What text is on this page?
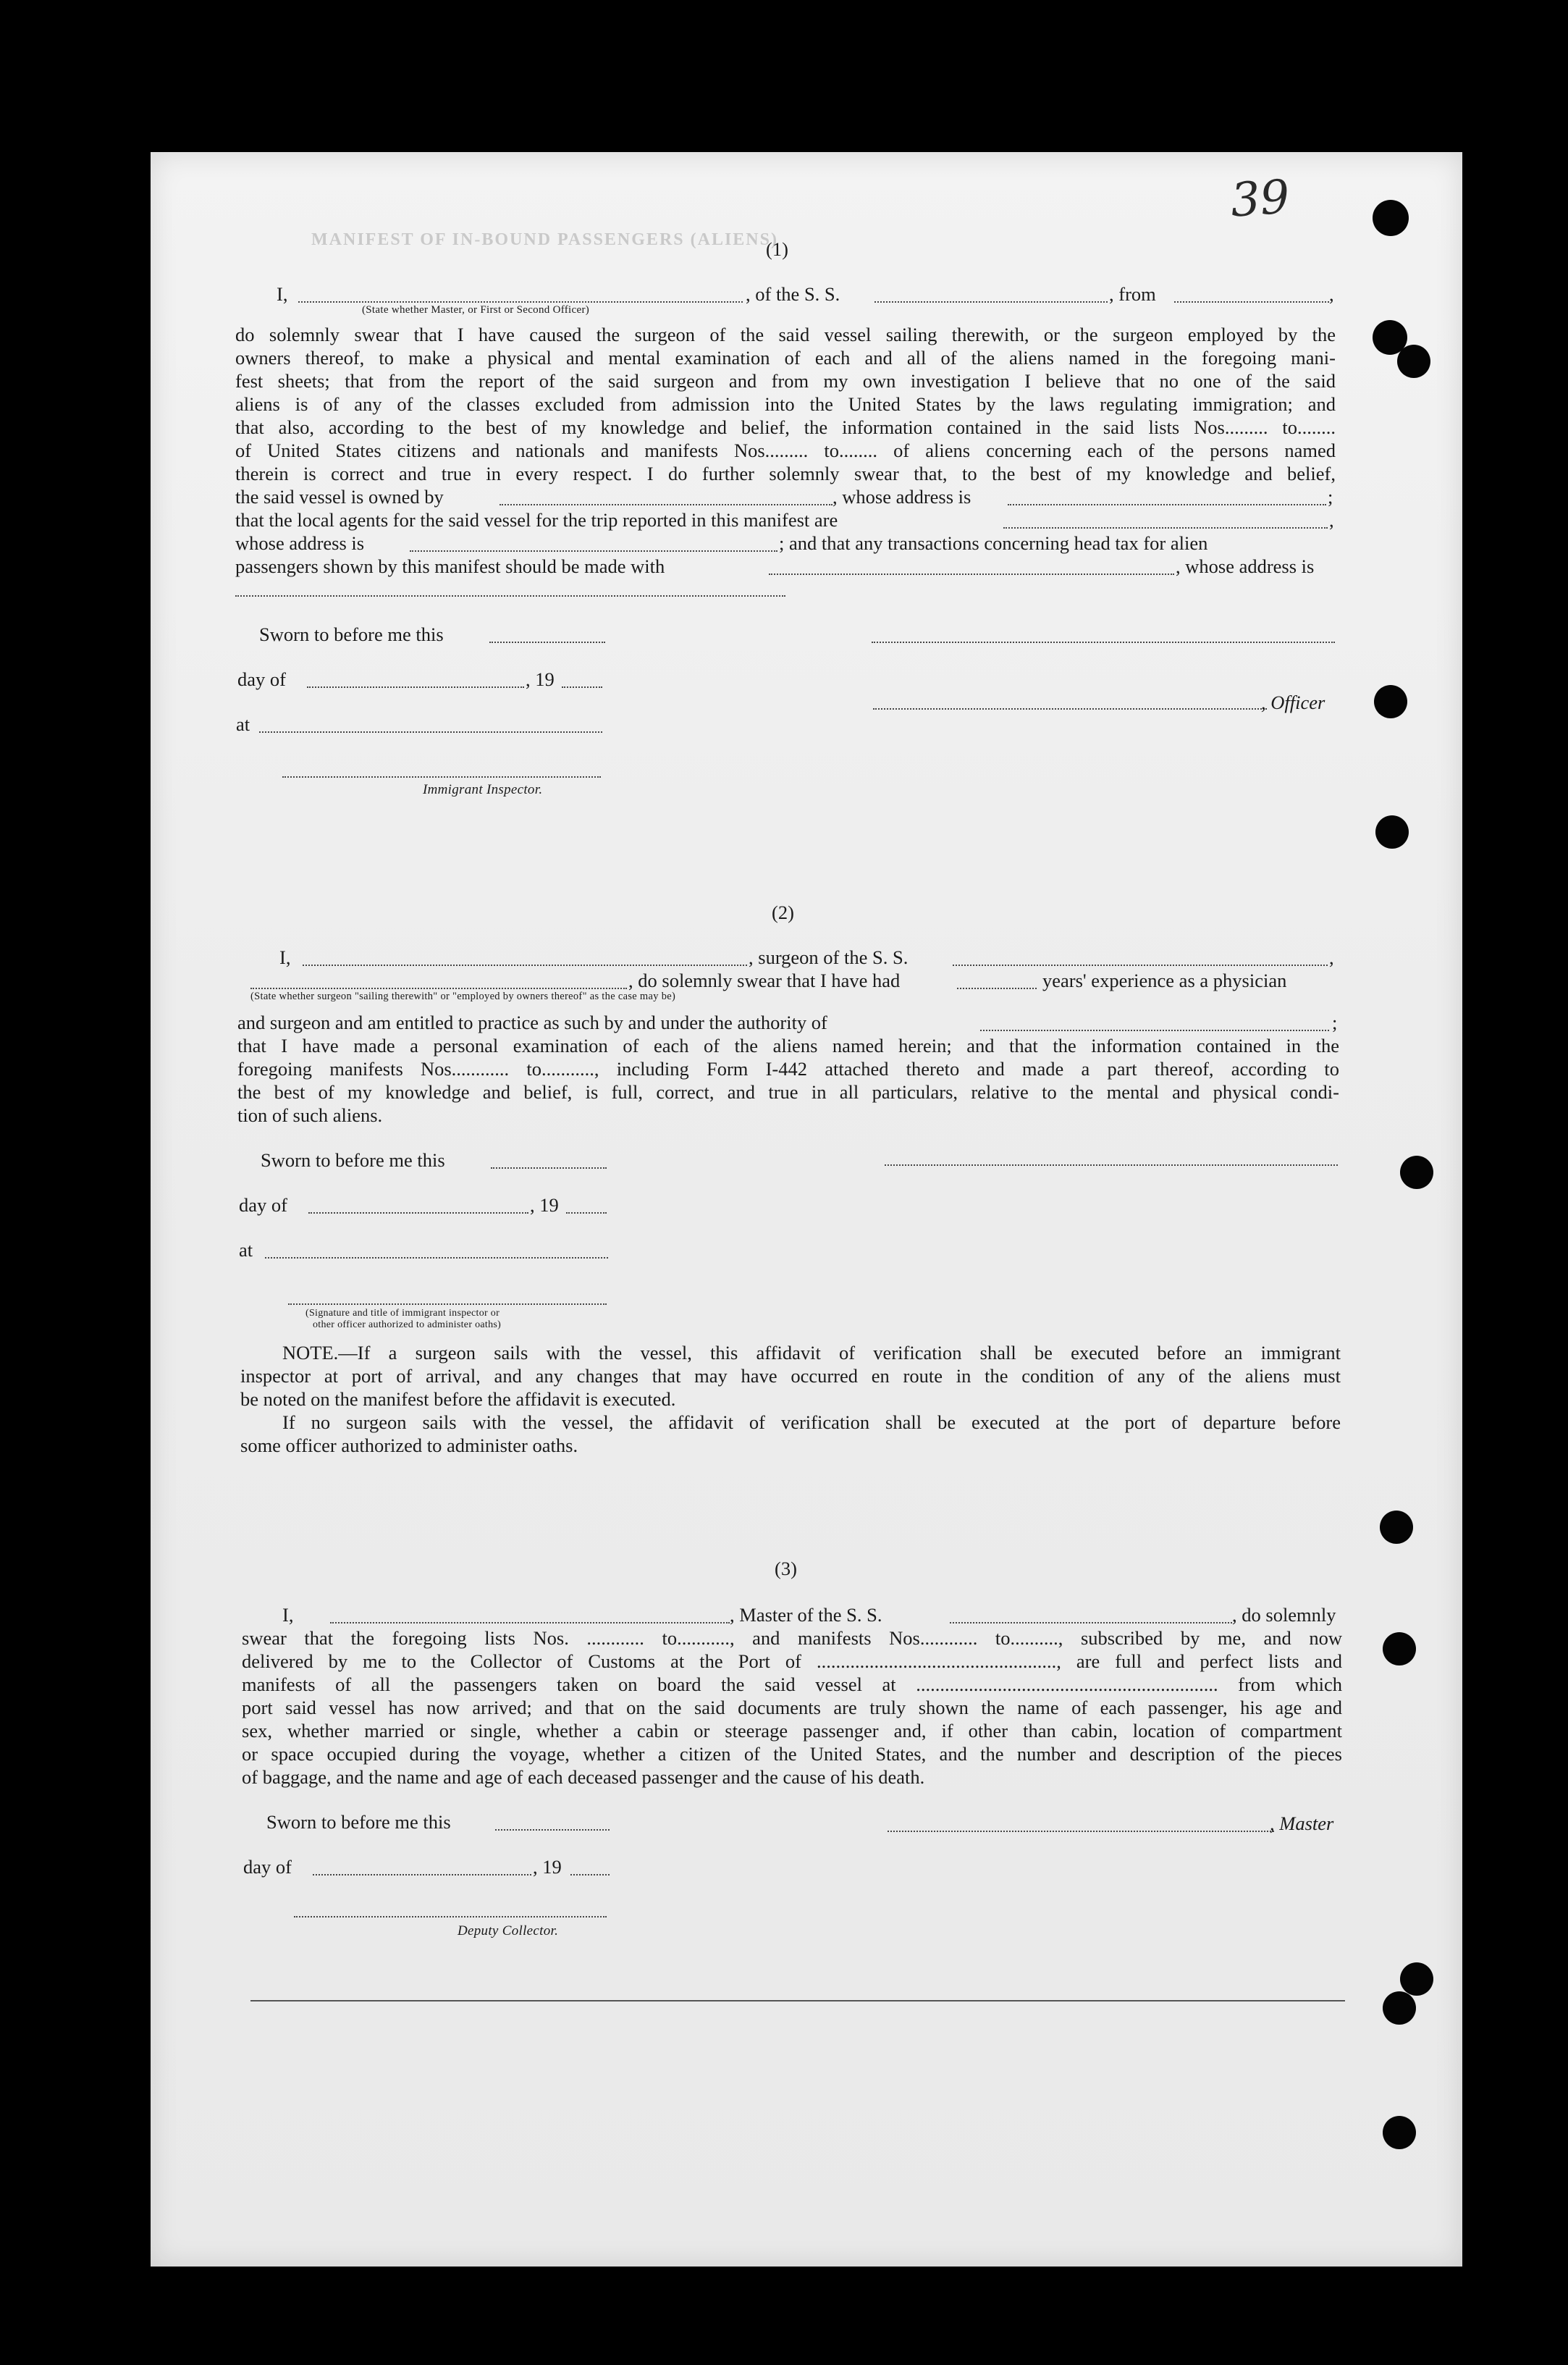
39
MANIFEST OF IN-BOUND PASSENGERS (ALIENS)
(1)
I,	, of the S. S.	, from	,
(State whether Master, or First or Second Officer)
do solemnly swear that I have caused the surgeon of the said vessel sailing therewith, or the surgeon employed by the
owners thereof, to make a physical and mental examination of each and all of the aliens named in the foregoing mani-
fest sheets; that from the report of the said surgeon and from my own investigation I believe that no one of the said
aliens is of any of the classes excluded from admission into the United States by the laws regulating immigration; and
that also, according to the best of my knowledge and belief, the information contained in the said lists Nos......... to........
of United States citizens and nationals and manifests Nos......... to........ of aliens concerning each of the persons named
therein is correct and true in every respect. I do further solemnly swear that, to the best of my knowledge and belief,
the said vessel is owned by	, whose address is	;
that the local agents for the said vessel for the trip reported in this manifest are	,
whose address is	; and that any transactions concerning head tax for alien
passengers shown by this manifest should be made with	, whose address is
Sworn to before me this
day of	, 19
, Officer
at
Immigrant Inspector.
(2)
I,	, surgeon of the S. S.	,
, do solemnly swear that I have had	years' experience as a physician
(State whether surgeon "sailing therewith" or "employed by owners thereof" as the case may be)
and surgeon and am entitled to practice as such by and under the authority of	;
that I have made a personal examination of each of the aliens named herein; and that the information contained in the
foregoing manifests Nos............ to..........., including Form I-442 attached thereto and made a part thereof, according to
the best of my knowledge and belief, is full, correct, and true in all particulars, relative to the mental and physical condi-
tion of such aliens.
Sworn to before me this
day of	, 19
at
(Signature and title of immigrant inspector or
other officer authorized to administer oaths)
NOTE.—If a surgeon sails with the vessel, this affidavit of verification shall be executed before an immigrant
inspector at port of arrival, and any changes that may have occurred en route in the condition of any of the aliens must
be noted on the manifest before the affidavit is executed.
If no surgeon sails with the vessel, the affidavit of verification shall be executed at the port of departure before
some officer authorized to administer oaths.
(3)
I,	, Master of the S. S.	, do solemnly
swear that the foregoing lists Nos. ............ to..........., and manifests Nos............ to.........., subscribed by me, and now
delivered by me to the Collector of Customs at the Port of .................................................., are full and perfect lists and
manifests of all the passengers taken on board the said vessel at ............................................................... from which
port said vessel has now arrived; and that on the said documents are truly shown the name of each passenger, his age and
sex, whether married or single, whether a cabin or steerage passenger and, if other than cabin, location of compartment
or space occupied during the voyage, whether a citizen of the United States, and the number and description of the pieces
of baggage, and the name and age of each deceased passenger and the cause of his death.
Sworn to before me this	, Master
day of	, 19
Deputy Collector.
